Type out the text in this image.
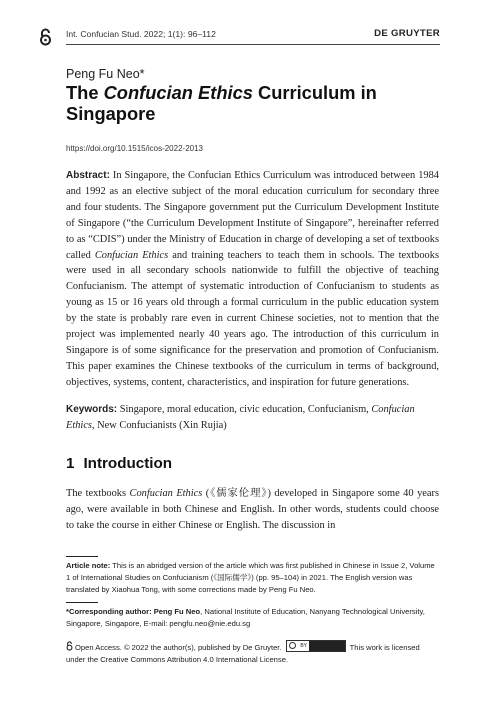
Int. Confucian Stud. 2022; 1(1): 96–112	DE GRUYTER
Peng Fu Neo*
The Confucian Ethics Curriculum in Singapore
https://doi.org/10.1515/icos-2022-2013

Abstract: In Singapore, the Confucian Ethics Curriculum was introduced between 1984 and 1992 as an elective subject of the moral education curriculum for secondary three and four students. The Singapore government put the Curriculum Development Institute of Singapore (“the Curriculum Development Institute of Singapore”, hereinafter referred to as “CDIS”) under the Ministry of Education in charge of developing a set of textbooks called Confucian Ethics and training teachers to teach them in schools. The textbooks were used in all secondary schools nationwide to fulfill the objective of teaching Confucianism. The attempt of systematic introduction of Confucianism to students as young as 15 or 16 years old through a formal curriculum in the public education system by the state is probably rare even in current Chinese societies, not to mention that the project was implemented nearly 40 years ago. The introduction of this curriculum in Singapore is of some significance for the preservation and promotion of Confucianism. This paper examines the Chinese textbooks of the curriculum in terms of background, objectives, systems, content, characteristics, and inspiration for future generations.

Keywords: Singapore, moral education, civic education, Confucianism, Confucian Ethics, New Confucianists (Xin Rujia)

1 Introduction

The textbooks Confucian Ethics (《儒家伦理》) developed in Singapore some 40 years ago, were available in both Chinese and English. In other words, students could choose to take the course in either Chinese or English. The discussion in

Article note: This is an abridged version of the article which was first published in Chinese in Issue 2, Volume 1 of International Studies on Confucianism (《国际儒学》) (pp. 95–104) in 2021. The English version was translated by Xiaohua Tong, with some corrections made by Peng Fu Neo.

*Corresponding author: Peng Fu Neo, National Institute of Education, Nanyang Technological University, Singapore, Singapore, E-mail: pengfu.neo@nie.edu.sg

Open Access. © 2022 the author(s), published by De Gruyter.	BY	This work is licensed under the Creative Commons Attribution 4.0 International License.
